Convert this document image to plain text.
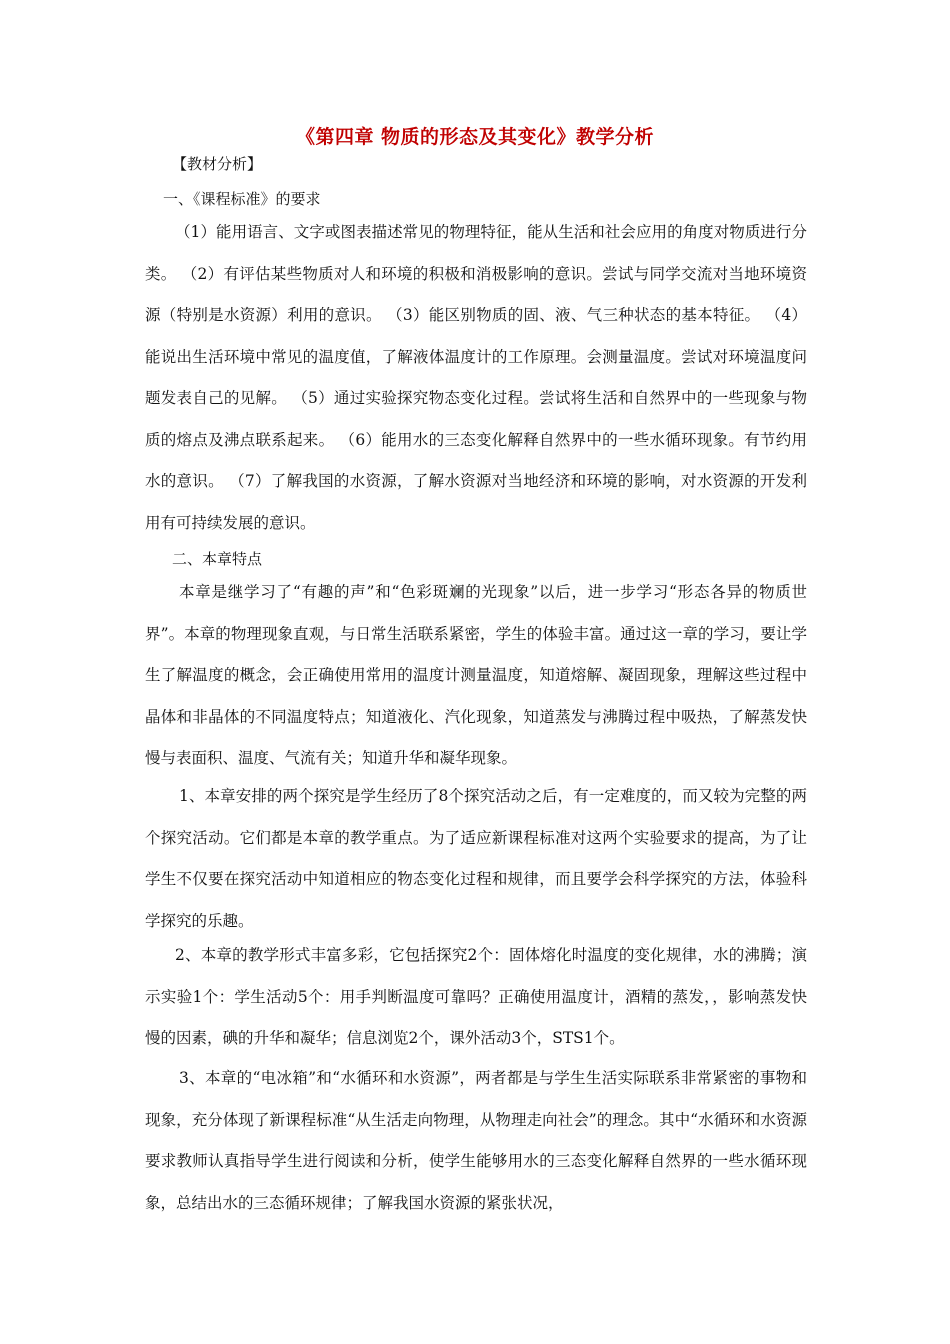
《第四章 物质的形态及其变化》教学分析
【教材分析】
一、《课程标准》的要求

（1）能用语言、文字或图表描述常见的物理特征，能从生活和社会应用的角度对物质进行分类。 （2）有评估某些物质对人和环境的积极和消极影响的意识。尝试与同学交流对当地环境资源（特别是水资源）利用的意识。 （3）能区别物质的固、液、气三种状态的基本特征。 （4）能说出生活环境中常见的温度值，了解液体温度计的工作原理。会测量温度。尝试对环境温度问题发表自己的见解。 （5）通过实验探究物态变化过程。尝试将生活和自然界中的一些现象与物质的熔点及沸点联系起来。 （6）能用水的三态变化解释自然界中的一些水循环现象。有节约用水的意识。 （7）了解我国的水资源，了解水资源对当地经济和环境的影响，对水资源的开发利用有可持续发展的意识。

二、本章特点

本章是继学习了“有趣的声”和“色彩斑斓的光现象”以后，进一步学习“形态各异的物质世界”。本章的物理现象直观，与日常生活联系紧密，学生的体验丰富。通过这一章的学习，要让学生了解温度的概念，会正确使用常用的温度计测量温度，知道熔解、凝固现象，理解这些过程中晶体和非晶体的不同温度特点；知道液化、汽化现象，知道蒸发与沸腾过程中吸热，了解蒸发快慢与表面积、温度、气流有关；知道升华和凝华现象。

1、本章安排的两个探究是学生经历了8个探究活动之后，有一定难度的，而又较为完整的两个探究活动。它们都是本章的教学重点。为了适应新课程标准对这两个实验要求的提高，为了让学生不仅要在探究活动中知道相应的物态变化过程和规律，而且要学会科学探究的方法，体验科学探究的乐趣。

2、本章的教学形式丰富多彩，它包括探究2个：固体熔化时温度的变化规律，水的沸腾；演示实验1个：学生活动5个：用手判断温度可靠吗？正确使用温度计，酒精的蒸发，，影响蒸发快慢的因素，碘的升华和凝华；信息浏览2个，课外活动3个，STS1个。

3、本章的“电冰箱”和“水循环和水资源”，两者都是与学生生活实际联系非常紧密的事物和现象，充分体现了新课程标准“从生活走向物理，从物理走向社会”的理念。其中“水循环和水资源要求教师认真指导学生进行阅读和分析，使学生能够用水的三态变化解释自然界的一些水循环现象，总结出水的三态循环规律；了解我国水资源的紧张状况，
